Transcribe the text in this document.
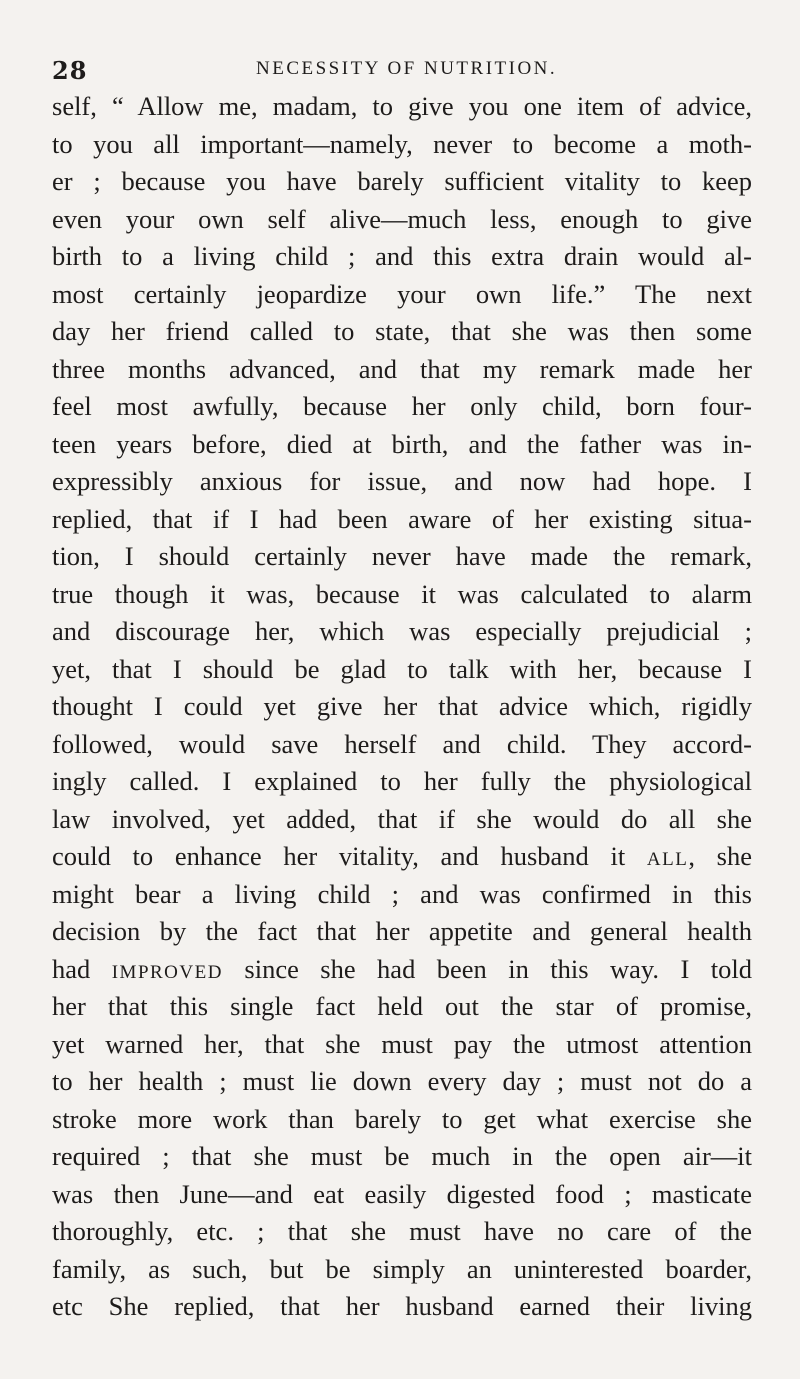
28	NECESSITY OF NUTRITION.
self, “ Allow me, madam, to give you one item of advice,
to you all important—namely, never to become a moth-
er ; because you have barely sufficient vitality to keep
even your own self alive—much less, enough to give
birth to a living child ; and this extra drain would al-
most certainly jeopardize your own life.” The next
day her friend called to state, that she was then some
three months advanced, and that my remark made her
feel most awfully, because her only child, born four-
teen years before, died at birth, and the father was in-
expressibly anxious for issue, and now had hope. I
replied, that if I had been aware of her existing situa-
tion, I should certainly never have made the remark,
true though it was, because it was calculated to alarm
and discourage her, which was especially prejudicial ;
yet, that I should be glad to talk with her, because I
thought I could yet give her that advice which, rigidly
followed, would save herself and child. They accord-
ingly called. I explained to her fully the physiological
law involved, yet added, that if she would do all she
could to enhance her vitality, and husband it ALL, she
might bear a living child ; and was confirmed in this
decision by the fact that her appetite and general health
had IMPROVED since she had been in this way. I told
her that this single fact held out the star of promise,
yet warned her, that she must pay the utmost attention
to her health ; must lie down every day ; must not do a
stroke more work than barely to get what exercise she
required ; that she must be much in the open air—it
was then June—and eat easily digested food ; masticate
thoroughly, etc. ; that she must have no care of the
family, as such, but be simply an uninterested boarder,
etc She replied, that her husband earned their living
